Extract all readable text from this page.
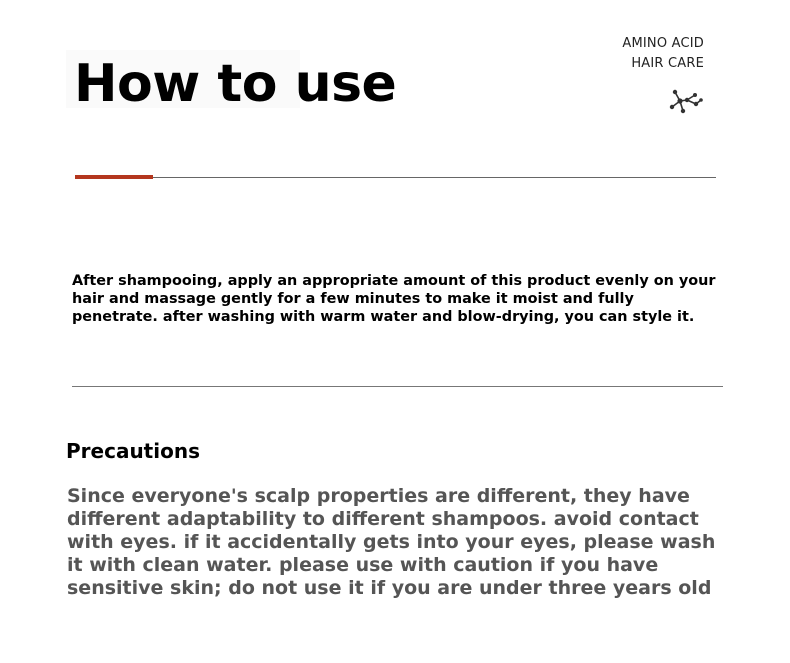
How to use
AMINO ACID
HAIR CARE
After shampooing, apply an appropriate amount of this product evenly on your hair and massage gently for a few minutes to make it moist and fully penetrate. after washing with warm water and blow-drying, you can style it.
Precautions
Since everyone's scalp properties are different, they have different adaptability to different shampoos. avoid contact with eyes. if it accidentally gets into your eyes, please wash it with clean water. please use with caution if you have sensitive skin; do not use it if you are under three years old
